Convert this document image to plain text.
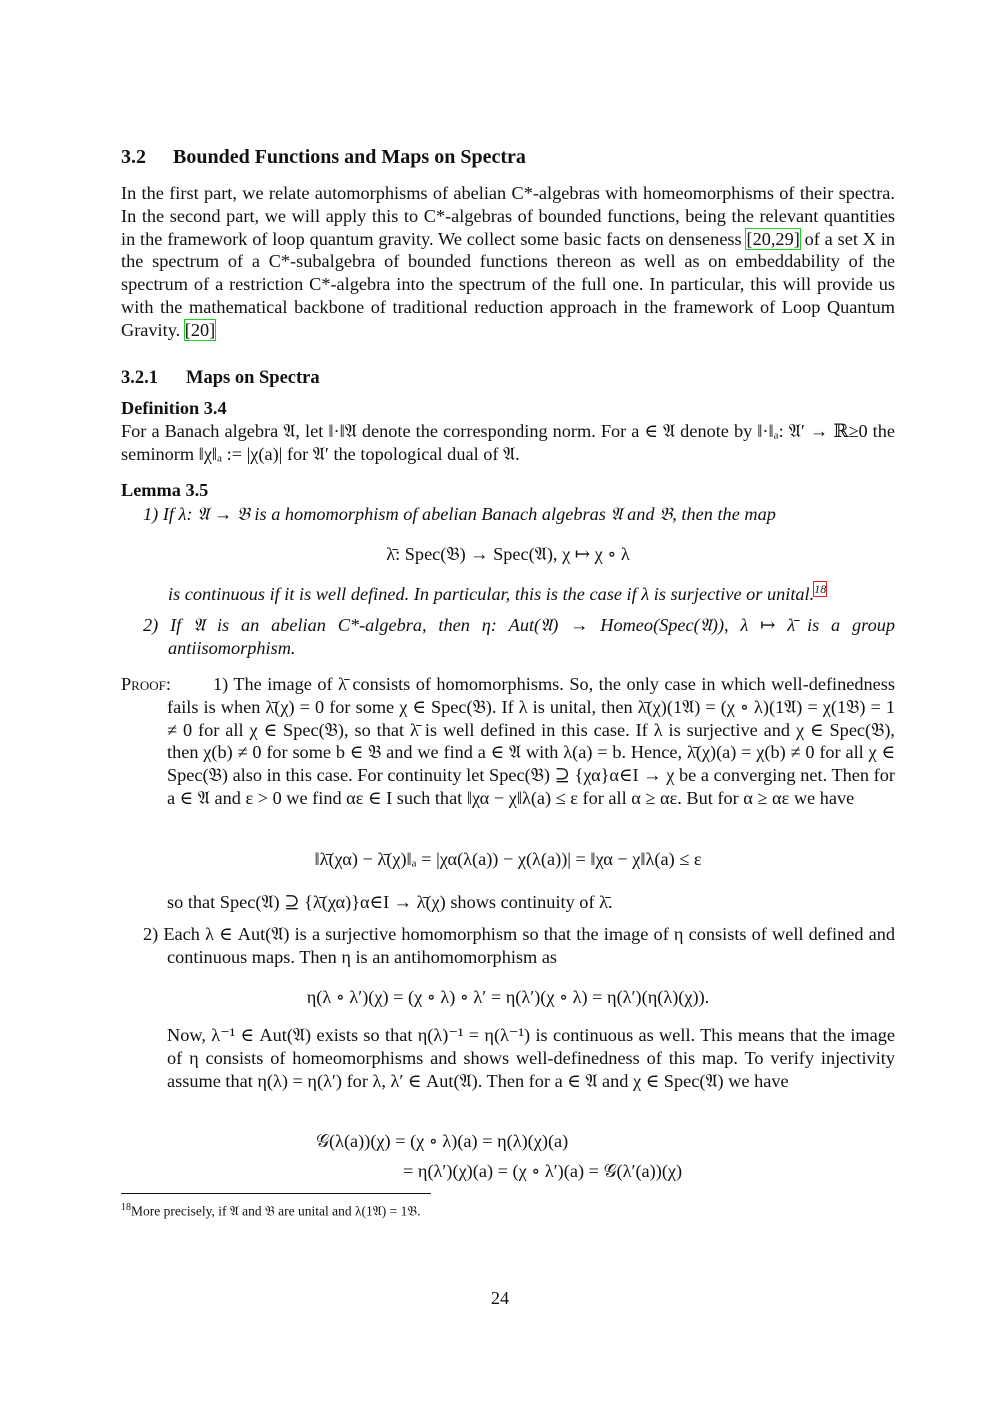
3.2 Bounded Functions and Maps on Spectra
In the first part, we relate automorphisms of abelian C*-algebras with homeomorphisms of their spectra. In the second part, we will apply this to C*-algebras of bounded functions, being the relevant quantities in the framework of loop quantum gravity. We collect some basic facts on denseness [20,29] of a set X in the spectrum of a C*-subalgebra of bounded functions thereon as well as on embeddability of the spectrum of a restriction C*-algebra into the spectrum of the full one. In particular, this will provide us with the mathematical backbone of traditional reduction approach in the framework of Loop Quantum Gravity. [20]
3.2.1 Maps on Spectra
Definition 3.4
For a Banach algebra 𝔄, let ‖·‖𝔄 denote the corresponding norm. For a ∈ 𝔄 denote by ‖·‖ₐ: 𝔄′ → ℝ≥0 the seminorm ‖χ‖ₐ := |χ(a)| for 𝔄′ the topological dual of 𝔄.
Lemma 3.5
1) If λ: 𝔄 → 𝔅 is a homomorphism of abelian Banach algebras 𝔄 and 𝔅, then the map
λ̄: Spec(𝔅) → Spec(𝔄), χ ↦ χ ∘ λ
is continuous if it is well defined. In particular, this is the case if λ is surjective or unital.$^{18}$
2) If 𝔄 is an abelian C*-algebra, then η: Aut(𝔄) → Homeo(Spec(𝔄)), λ ↦ λ̄ is a group antiisomorphism.
Proof: 1) The image of λ̄ consists of homomorphisms. So, the only case in which well-definedness fails is when λ̄(χ) = 0 for some χ ∈ Spec(𝔅). If λ is unital, then λ̄(χ)(1𝔄) = (χ ∘ λ)(1𝔄) = χ(1𝔅) = 1 ≠ 0 for all χ ∈ Spec(𝔅), so that λ̄ is well defined in this case. If λ is surjective and χ ∈ Spec(𝔅), then χ(b) ≠ 0 for some b ∈ 𝔅 and we find a ∈ 𝔄 with λ(a) = b. Hence, λ̄(χ)(a) = χ(b) ≠ 0 for all χ ∈ Spec(𝔅) also in this case. For continuity let Spec(𝔅) ⊇ {χα}α∈I → χ be a converging net. Then for a ∈ 𝔄 and ε > 0 we find αε ∈ I such that ‖χα − χ‖λ(a) ≤ ε for all α ≥ αε. But for α ≥ αε we have
‖λ̄(χα) − λ̄(χ)‖ₐ = |χα(λ(a)) − χ(λ(a))| = ‖χα − χ‖λ(a) ≤ ε
so that Spec(𝔄) ⊇ {λ̄(χα)}α∈I → λ̄(χ) shows continuity of λ̄.
2) Each λ ∈ Aut(𝔄) is a surjective homomorphism so that the image of η consists of well defined and continuous maps. Then η is an antihomomorphism as
η(λ ∘ λ′)(χ) = (χ ∘ λ) ∘ λ′ = η(λ′)(χ ∘ λ) = η(λ′)(η(λ)(χ)).
Now, λ⁻¹ ∈ Aut(𝔄) exists so that η(λ)⁻¹ = η(λ⁻¹) is continuous as well. This means that the image of η consists of homeomorphisms and shows well-definedness of this map. To verify injectivity assume that η(λ) = η(λ′) for λ, λ′ ∈ Aut(𝔄). Then for a ∈ 𝔄 and χ ∈ Spec(𝔄) we have
𝒢(λ(a))(χ) = (χ ∘ λ)(a) = η(λ)(χ)(a)
= η(λ′)(χ)(a) = (χ ∘ λ′)(a) = 𝒢(λ′(a))(χ)
$^{18}$More precisely, if 𝔄 and 𝔅 are unital and λ(1𝔄) = 1𝔅.
24
